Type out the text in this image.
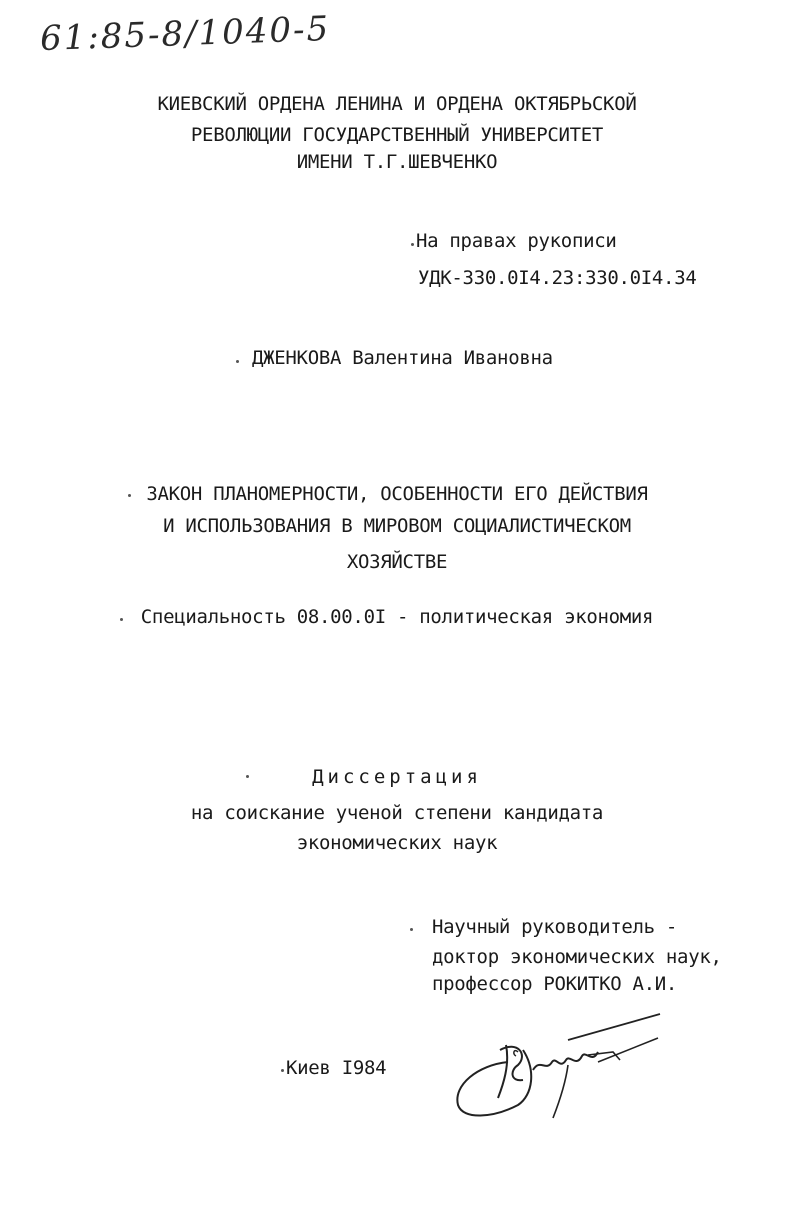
61:85-8/1040-5
КИЕВСКИЙ ОРДЕНА ЛЕНИНА И ОРДЕНА ОКТЯБРЬСКОЙ
РЕВОЛЮЦИИ ГОСУДАРСТВЕННЫЙ УНИВЕРСИТЕТ
ИМЕНИ Т.Г.ШЕВЧЕНКО
На правах рукописи
УДК-330.0I4.23:330.0I4.34
ДЖЕНКОВА Валентина Ивановна
ЗАКОН ПЛАНОМЕРНОСТИ, ОСОБЕННОСТИ ЕГО ДЕЙСТВИЯ
И ИСПОЛЬЗОВАНИЯ В МИРОВОМ СОЦИАЛИСТИЧЕСКОМ
ХОЗЯЙСТВЕ
Специальность 08.00.0I - политическая экономия
Диссертация
на соискание ученой степени кандидата
экономических наук
Научный руководитель -
доктор экономических наук,
профессор РОКИТКО А.И.
Киев I984
